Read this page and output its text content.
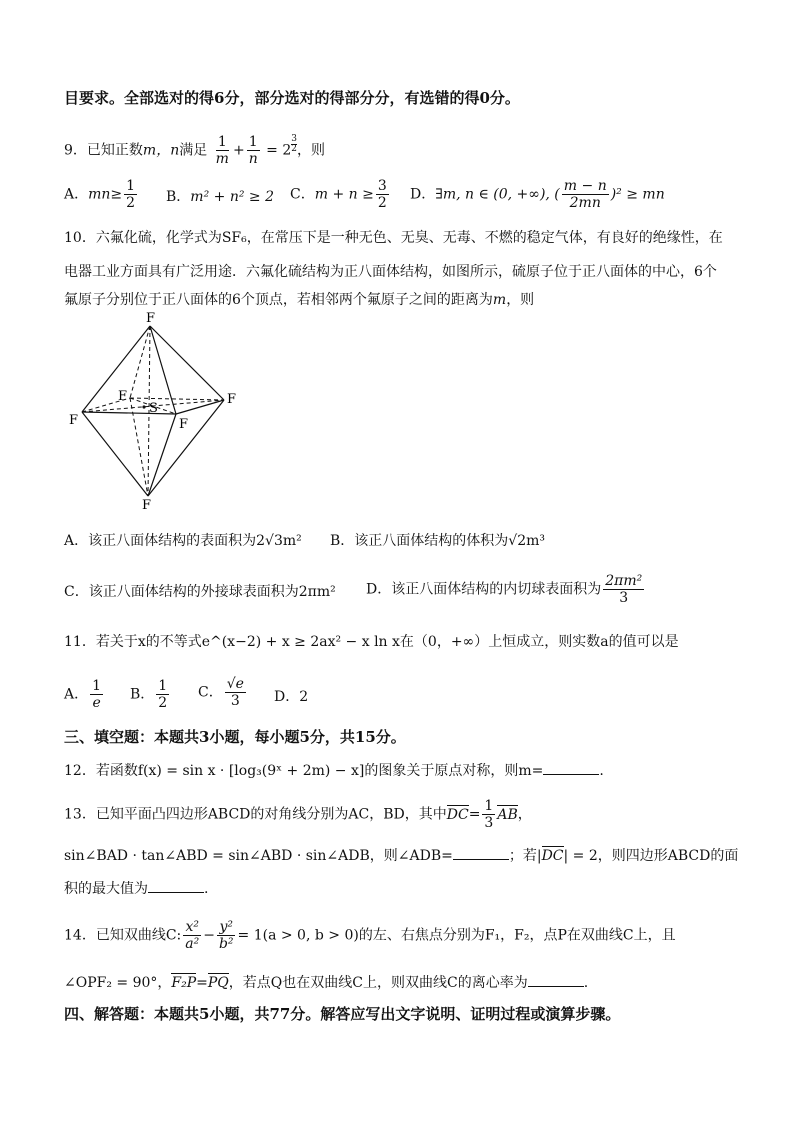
目要求。全部选对的得6分，部分选对的得部分分，有选错的得0分。
9．已知正数m，n满足 $\frac{1}{m} + \frac{1}{n} = 2$ $^{\frac{3}{2}}$ ，则
A．$mn\ge \frac{1}{2}$ B．m² + n² ≥ 2 C．$m + n \ge \frac{3}{2}$ D．∃m, n ∈ (0, +∞), ( $\frac{m - n}{2mn} )^2$ ≥ mn
10．六氟化硫，化学式为SF₆，在常压下是一种无色、无臭、无毒、不燃的稳定气体，有良好的绝缘性，在
电器工业方面具有广泛用途．六氟化硫结构为正八面体结构，如图所示，硫原子位于正八面体的中心，6个
氟原子分别位于正八面体的6个顶点，若相邻两个氟原子之间的距离为m，则
F
F
F	F
F
F
S
A．该正八面体结构的表面积为2√3m² B．该正八面体结构的体积为√2m³
C．该正八面体结构的外接球表面积为2πm² D．该正八面体结构的内切球表面积为 $\frac{\text{2πm²}}{3}$
11．若关于x的不等式e^(x−2) + x ≥ 2ax² − x ln x在（0，+∞）上恒成立，则实数a的值可以是
A． $\frac{1}{e}$ B． $\frac{1}{2}$ C． $\frac{√e}{3}$ D．2
三、填空题：本题共3小题，每小题5分，共15分。
12．若函数f(x) = sin x · [log₃(9ˣ + 2m) − x]的图象关于原点对称，则m=	.
13．已知平面凸四边形ABCD的对角线分别为AC，BD，其中$DC= \frac{1}{3}$ AB，
sin∠BAD · tan∠ABD = sin∠ABD · sin∠ADB，则∠ADB=	；若|DC| = 2，则四边形ABCD的面
积的最大值为	.
14．已知双曲线C: $\frac{\text{x²}}{\text{a²}} - \frac{\text{y²}}{\text{b²}} = 1(a > 0$, b > 0)的左、右焦点分别为F₁，F₂，点P在双曲线C上，且
∠OPF₂ = 90°，F₂P=PQ，若点Q也在双曲线C上，则双曲线C的离心率为	.
四、解答题：本题共5小题，共77分。解答应写出文字说明、证明过程或演算步骤。
